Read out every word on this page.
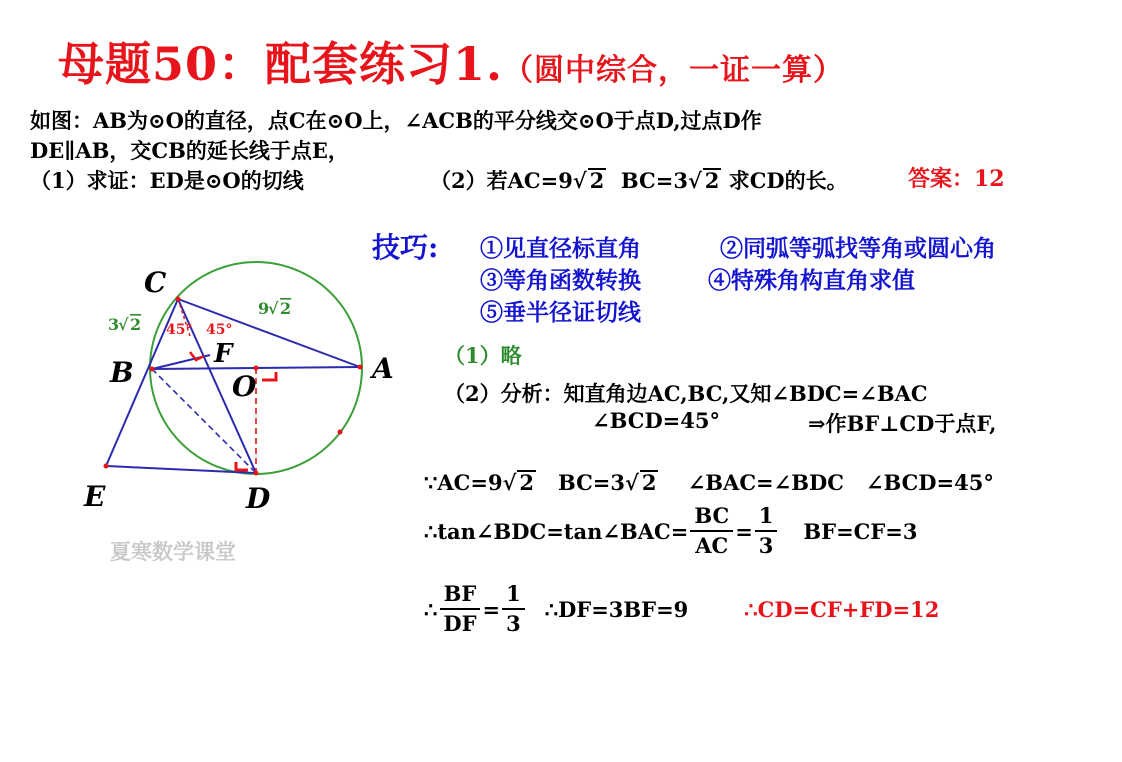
母题50：配套练习1.（圆中综合，一证一算）
如图：AB为⊙O的直径，点C在⊙O上，∠ACB的平分线交⊙O于点D,过点D作
DE∥AB，交CB的延长线于点E，
（1）求证：ED是⊙O的切线	（2）若AC=9√ 2 BC=3√ 2 求CD的长。	答案：12
技巧: ①见直径标直角	②同弧等弧找等角或圆心角
③等角函数转换	④特殊角构直角求值
⑤垂半径证切线
（1）略
（2）分析：知直角边AC,BC,又知∠BDC=∠BAC
∠BCD=45°	⇒作BF⊥CD于点F,
∵AC=9√ 2 BC=3√ 2 ∠BAC=∠BDC ∠BCD=45°
∴tan∠BDC=tan∠BAC= $\frac{BC}{AC} = \frac{1}{3} BF=CF=3$
∴ $\frac{BF}{DF} = \frac{1}{3}$ ∴DF=3BF=9	∴CD=CF+FD=12
C
B	A
O
F
E	D
3
√ 2
9
√ 2
45° 45°
夏寒数学课堂
